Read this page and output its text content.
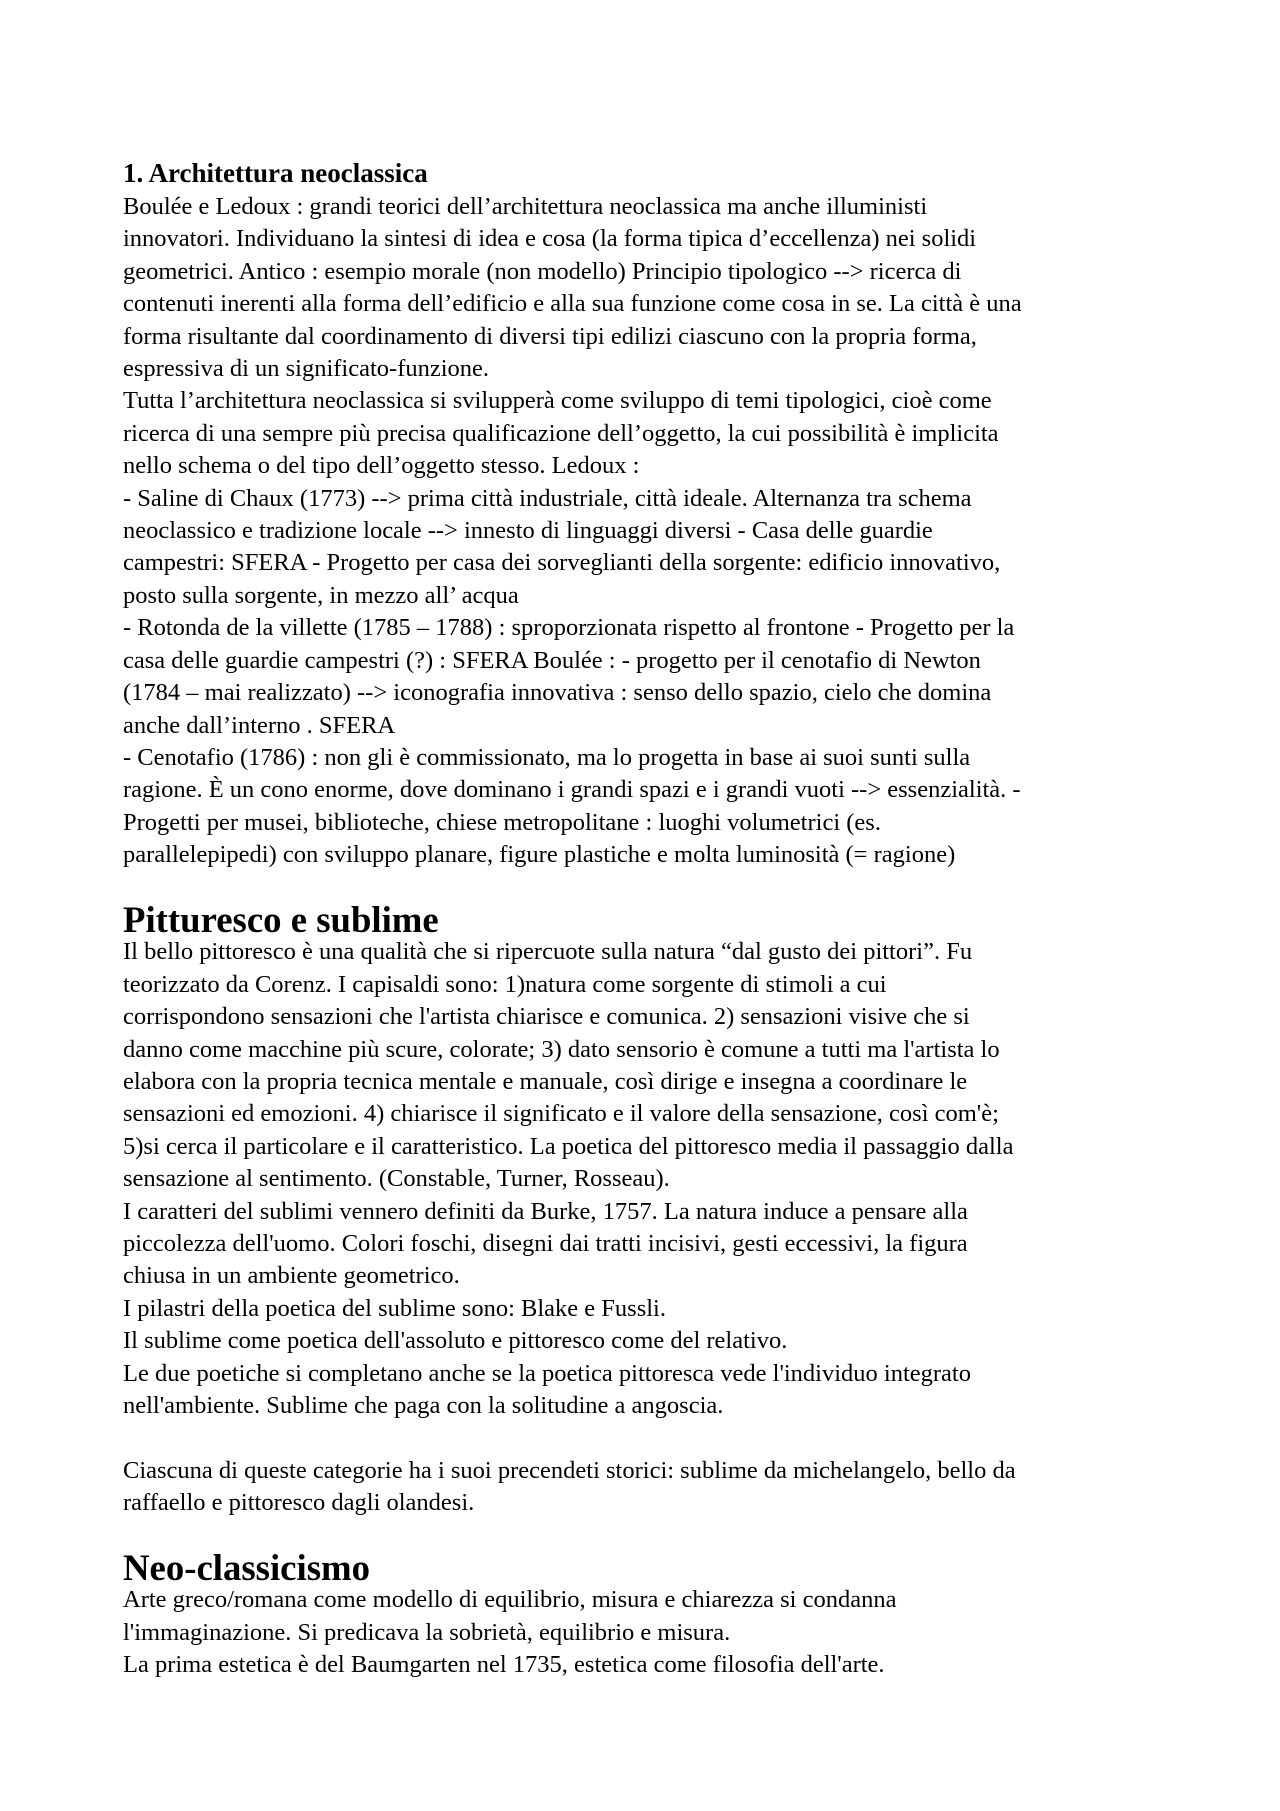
1. Architettura neoclassica

Boulée e Ledoux : grandi teorici dell’architettura neoclassica ma anche illuministi

innovatori. Individuano la sintesi di idea e cosa (la forma tipica d’eccellenza) nei solidi

geometrici. Antico : esempio morale (non modello) Principio tipologico --> ricerca di

contenuti inerenti alla forma dell’edificio e alla sua funzione come cosa in se. La città è una

forma risultante dal coordinamento di diversi tipi edilizi ciascuno con la propria forma,

espressiva di un significato-funzione.

Tutta l’architettura neoclassica si svilupperà come sviluppo di temi tipologici, cioè come

ricerca di una sempre più precisa qualificazione dell’oggetto, la cui possibilità è implicita

nello schema o del tipo dell’oggetto stesso. Ledoux :

- Saline di Chaux (1773) --> prima città industriale, città ideale. Alternanza tra schema

neoclassico e tradizione locale --> innesto di linguaggi diversi - Casa delle guardie

campestri: SFERA - Progetto per casa dei sorveglianti della sorgente: edificio innovativo,

posto sulla sorgente, in mezzo all’ acqua

- Rotonda de la villette (1785 – 1788) : sproporzionata rispetto al frontone - Progetto per la

casa delle guardie campestri (?) : SFERA Boulée : - progetto per il cenotafio di Newton

(1784 – mai realizzato) --> iconografia innovativa : senso dello spazio, cielo che domina

anche dall’interno . SFERA

- Cenotafio (1786) : non gli è commissionato, ma lo progetta in base ai suoi sunti sulla

ragione. È un cono enorme, dove dominano i grandi spazi e i grandi vuoti --> essenzialità. -

Progetti per musei, biblioteche, chiese metropolitane : luoghi volumetrici (es.

parallelepipedi) con sviluppo planare, figure plastiche e molta luminosità (= ragione)

Pitturesco e sublime

Il bello pittoresco è una qualità che si ripercuote sulla natura “dal gusto dei pittori”. Fu

teorizzato da Corenz. I capisaldi sono: 1)natura come sorgente di stimoli a cui

corrispondono sensazioni che l'artista chiarisce e comunica. 2) sensazioni visive che si

danno come macchine più scure, colorate; 3) dato sensorio è comune a tutti ma l'artista lo

elabora con la propria tecnica mentale e manuale, così dirige e insegna a coordinare le

sensazioni ed emozioni. 4) chiarisce il significato e il valore della sensazione, così com'è;

5)si cerca il particolare e il caratteristico. La poetica del pittoresco media il passaggio dalla

sensazione al sentimento. (Constable, Turner, Rosseau).

I caratteri del sublimi vennero definiti da Burke, 1757. La natura induce a pensare alla

piccolezza dell'uomo. Colori foschi, disegni dai tratti incisivi, gesti eccessivi, la figura

chiusa in un ambiente geometrico.

I pilastri della poetica del sublime sono: Blake e Fussli.

Il sublime come poetica dell'assoluto e pittoresco come del relativo.

Le due poetiche si completano anche se la poetica pittoresca vede l'individuo integrato

nell'ambiente. Sublime che paga con la solitudine a angoscia.

Ciascuna di queste categorie ha i suoi precendeti storici: sublime da michelangelo, bello da

raffaello e pittoresco dagli olandesi.

Neo-classicismo

Arte greco/romana come modello di equilibrio, misura e chiarezza si condanna

l'immaginazione. Si predicava la sobrietà, equilibrio e misura.

La prima estetica è del Baumgarten nel 1735, estetica come filosofia dell'arte.
